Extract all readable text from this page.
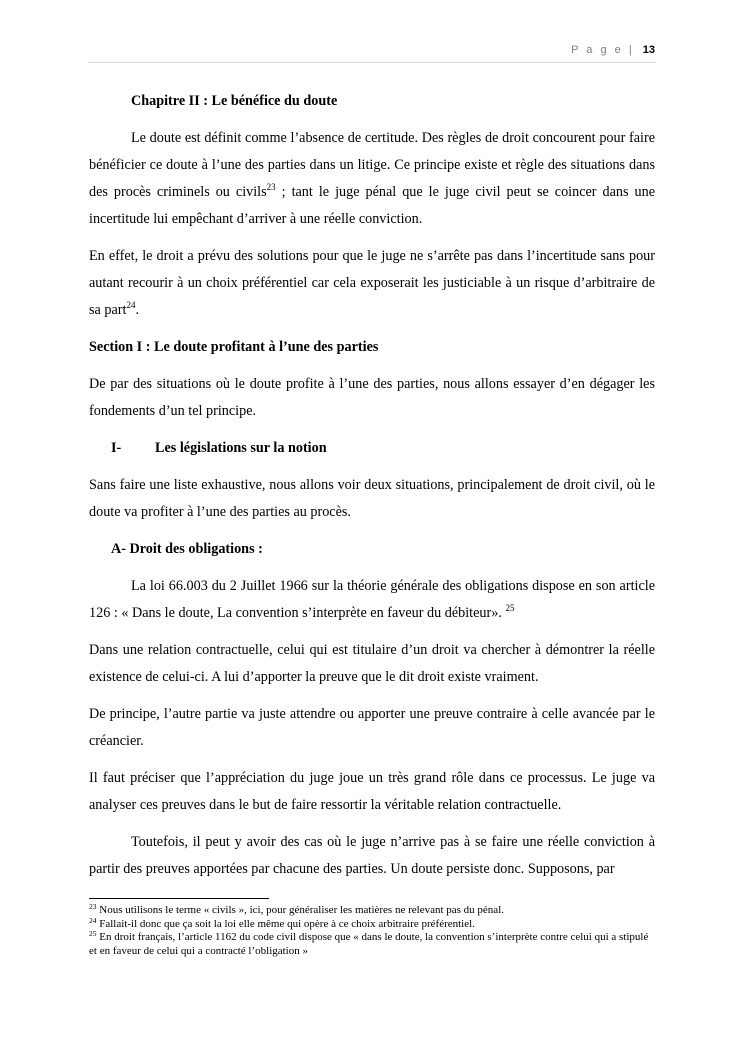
P a g e | 13

Chapitre II : Le bénéfice du doute

Le doute est définit comme l’absence de certitude. Des règles de droit concourent pour faire bénéficier ce doute à l’une des parties dans un litige. Ce principe existe et règle des situations dans des procès criminels ou civils$^{23}$ ; tant le juge pénal que le juge civil peut se coincer dans une incertitude lui empêchant d’arriver à une réelle conviction.

En effet, le droit a prévu des solutions pour que le juge ne s’arrête pas dans l’incertitude sans pour autant recourir à un choix préférentiel car cela exposerait les justiciable à un risque d’arbitraire de sa part$^{24}$.

Section I : Le doute profitant à l’une des parties

De par des situations où le doute profite à l’une des parties, nous allons essayer d’en dégager les fondements d’un tel principe.

I- Les législations sur la notion

Sans faire une liste exhaustive, nous allons voir deux situations, principalement de droit civil, où le doute va profiter à l’une des parties au procès.

A- Droit des obligations :

La loi 66.003 du 2 Juillet 1966 sur la théorie générale des obligations dispose en son article 126 : « Dans le doute, La convention s’interprète en faveur du débiteur». $^{25}$

Dans une relation contractuelle, celui qui est titulaire d’un droit va chercher à démontrer la réelle existence de celui-ci. A lui d’apporter la preuve que le dit droit existe vraiment.

De principe, l’autre partie va juste attendre ou apporter une preuve contraire à celle avancée par le créancier.

Il faut préciser que l’appréciation du juge joue un très grand rôle dans ce processus. Le juge va analyser ces preuves dans le but de faire ressortir la véritable relation contractuelle.

Toutefois, il peut y avoir des cas où le juge n’arrive pas à se faire une réelle conviction à partir des preuves apportées par chacune des parties. Un doute persiste donc. Supposons, par

$^{23}$ Nous utilisons le terme « civils », ici, pour généraliser les matières ne relevant pas du pénal.
$^{24}$ Fallait-il donc que ça soit la loi elle même qui opère à ce choix arbitraire préférentiel.
$^{25}$ En droit français, l’article 1162 du code civil dispose que « dans le doute, la convention s’interprète contre celui qui a stipulé et en faveur de celui qui a contracté l’obligation »
